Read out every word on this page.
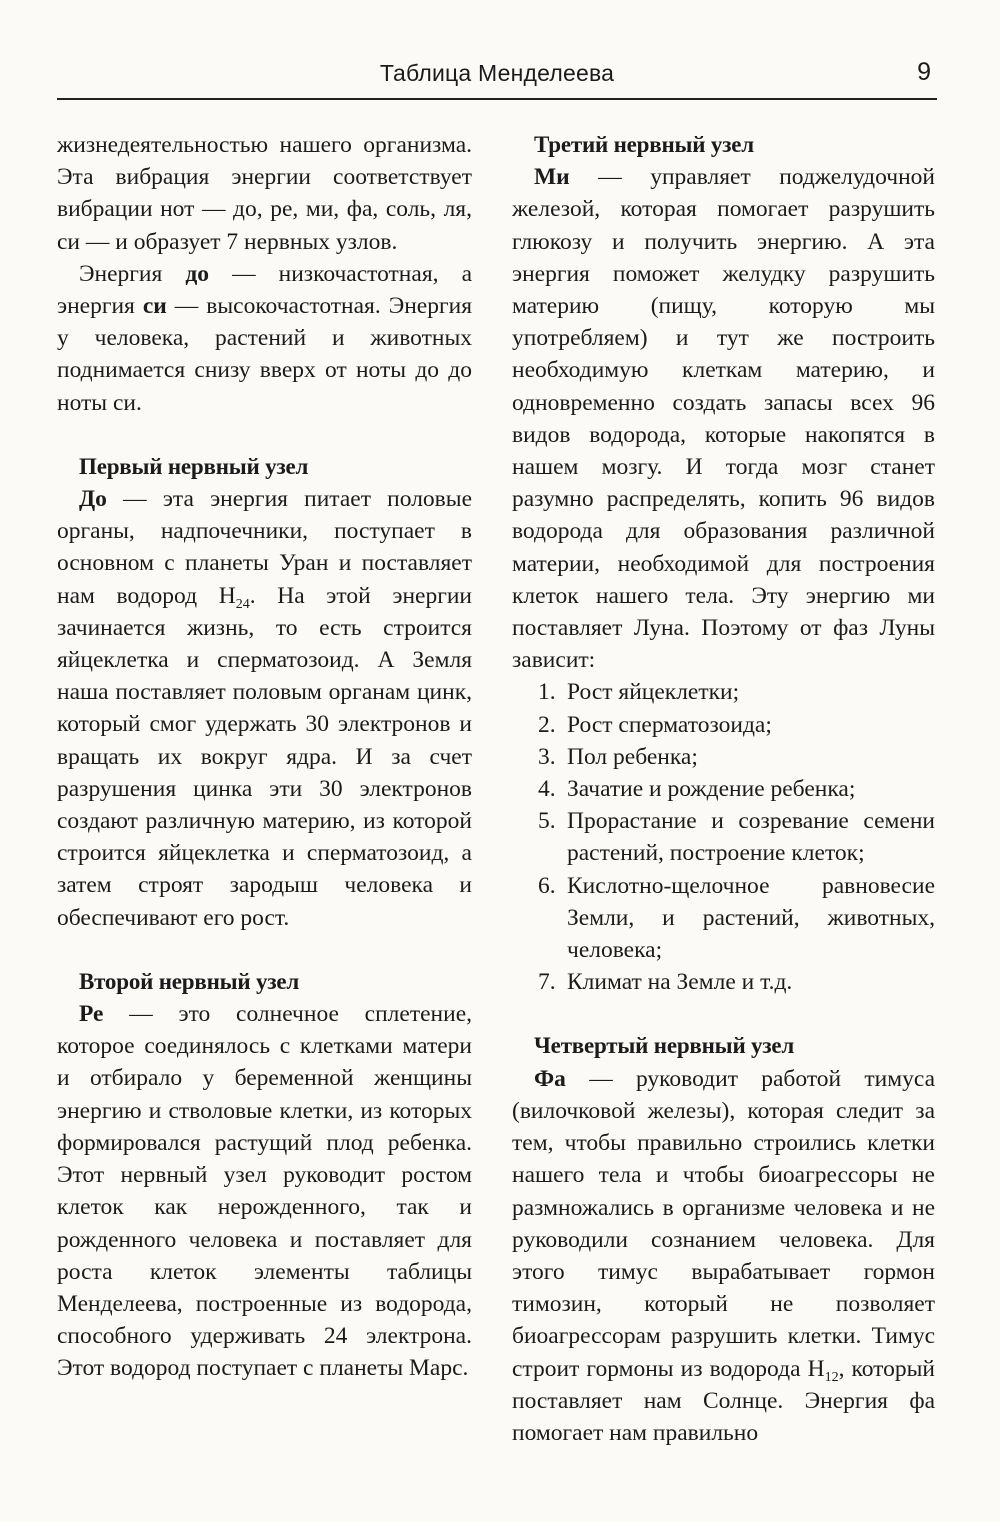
Таблица Менделеева	9

жизнедеятельностью нашего организма. Эта вибрация энергии соответствует вибрации нот — до, ре, ми, фа, соль, ля, си — и образует 7 нервных узлов.

Энергия до — низкочастотная, а энергия си — высокочастотная. Энергия у человека, растений и животных поднимается снизу вверх от ноты до до ноты си.

Первый нервный узел

До — эта энергия питает половые органы, надпочечники, поступает в основном с планеты Уран и поставляет нам водород $H_{24}$. На этой энергии зачинается жизнь, то есть строится яйцеклетка и сперматозоид. А Земля наша поставляет половым органам цинк, который смог удержать 30 электронов и вращать их вокруг ядра. И за счет разрушения цинка эти 30 электронов создают различную материю, из которой строится яйцеклетка и сперматозоид, а затем строят зародыш человека и обеспечивают его рост.

Второй нервный узел

Ре — это солнечное сплетение, которое соединялось с клетками матери и отбирало у беременной женщины энергию и стволовые клетки, из которых формировался растущий плод ребенка. Этот нервный узел руководит ростом клеток как нерожденного, так и рожденного человека и поставляет для роста клеток элементы таблицы Менделеева, построенные из водорода, способного удерживать 24 электрона. Этот водород поступает с планеты Марс.

Третий нервный узел

Ми — управляет поджелудочной железой, которая помогает разрушить глюкозу и получить энергию. А эта энергия поможет желудку разрушить материю (пищу, которую мы употребляем) и тут же построить необходимую клеткам материю, и одновременно создать запасы всех 96 видов водорода, которые накопятся в нашем мозгу. И тогда мозг станет разумно распределять, копить 96 видов водорода для образования различной материи, необходимой для построения клеток нашего тела. Эту энергию ми поставляет Луна. Поэтому от фаз Луны зависит:

1. Рост яйцеклетки;
2. Рост сперматозоида;
3. Пол ребенка;
4. Зачатие и рождение ребенка;
5. Прорастание и созревание семени растений, построение клеток;
6. Кислотно-щелочное равновесие Земли, и растений, животных, человека;
7. Климат на Земле и т.д.
Четвертый нервный узел

Фа — руководит работой тимуса (вилочковой железы), которая следит за тем, чтобы правильно строились клетки нашего тела и чтобы биоагрессоры не размножались в организме человека и не руководили сознанием человека. Для этого тимус вырабатывает гормон тимозин, который не позволяет биоагрессорам разрушить клетки. Тимус строит гормоны из водорода $H_{12}$, который поставляет нам Солнце. Энергия фа помогает нам правильно
